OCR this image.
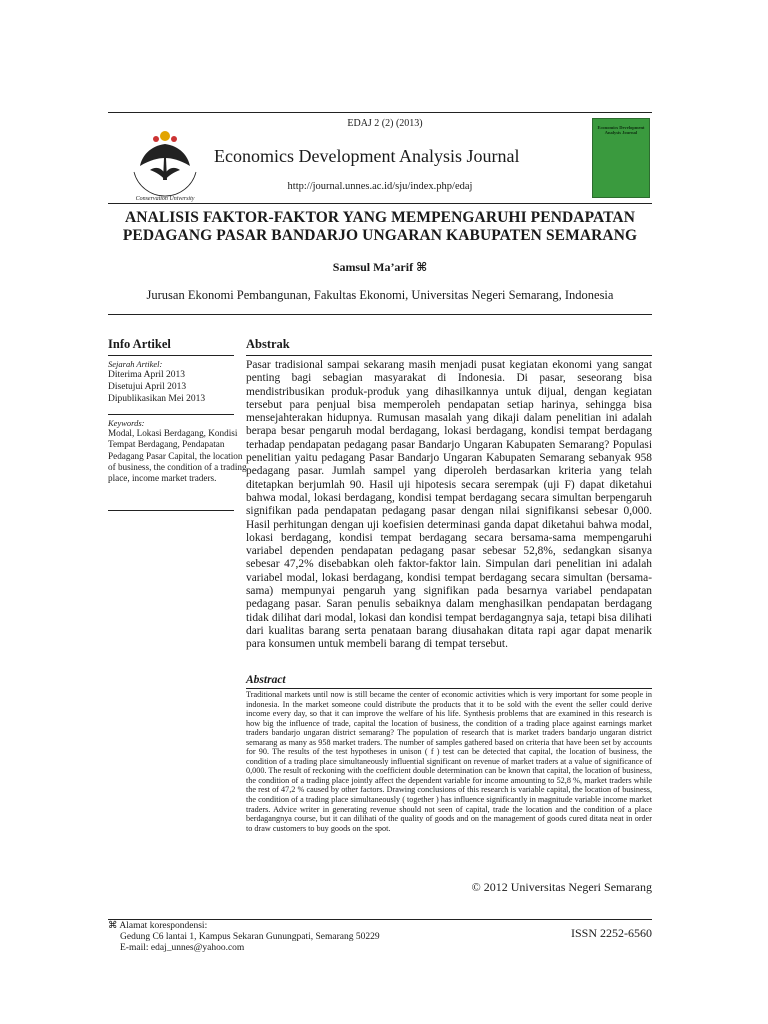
Conservation University
EDAJ 2 (2) (2013)
Economics Development Analysis Journal
http://journal.unnes.ac.id/sju/index.php/edaj
Economics Development Analysis Journal
ANALISIS FAKTOR-FAKTOR YANG MEMPENGARUHI PENDAPATAN
PEDAGANG PASAR BANDARJO UNGARAN KABUPATEN SEMARANG
Samsul Ma’arif ⌘
Jurusan Ekonomi Pembangunan, Fakultas Ekonomi, Universitas Negeri Semarang, Indonesia
Info Artikel
Sejarah Artikel:
Diterima April 2013
Disetujui April 2013
Dipublikasikan Mei 2013
Keywords:
Modal, Lokasi Berdagang, Kondisi Tempat Berdagang, Pendapatan Pedagang Pasar Capital, the location of business, the condition of a trading place, income market traders.
Abstrak
Pasar tradisional sampai sekarang masih menjadi pusat kegiatan ekonomi yang sangat penting bagi sebagian masyarakat di Indonesia. Di pasar, seseorang bisa mendistribusikan produk-produk yang dihasilkannya untuk dijual, dengan kegiatan tersebut para penjual bisa memperoleh pendapatan setiap harinya, sehingga bisa mensejahterakan hidupnya. Rumusan masalah yang dikaji dalam penelitian ini adalah berapa besar pengaruh modal berdagang, lokasi berdagang, kondisi tempat berdagang terhadap pendapatan pedagang pasar Bandarjo Ungaran Kabupaten Semarang? Populasi penelitian yaitu pedagang Pasar Bandarjo Ungaran Kabupaten Semarang sebanyak 958 pedagang pasar. Jumlah sampel yang diperoleh berdasarkan kriteria yang telah ditetapkan berjumlah 90. Hasil uji hipotesis secara serempak (uji F) dapat diketahui bahwa modal, lokasi berdagang, kondisi tempat berdagang secara simultan berpengaruh signifikan pada pendapatan pedagang pasar dengan nilai signifikansi sebesar 0,000. Hasil perhitungan dengan uji koefisien determinasi ganda dapat diketahui bahwa modal, lokasi berdagang, kondisi tempat berdagang secara bersama-sama mempengaruhi variabel dependen pendapatan pedagang pasar sebesar 52,8%, sedangkan sisanya sebesar 47,2% disebabkan oleh faktor-faktor lain. Simpulan dari penelitian ini adalah variabel modal, lokasi berdagang, kondisi tempat berdagang secara simultan (bersama-sama) mempunyai pengaruh yang signifikan pada besarnya variabel pendapatan pedagang pasar. Saran penulis sebaiknya dalam menghasilkan pendapatan berdagang tidak dilihat dari modal, lokasi dan kondisi tempat berdagangnya saja, tetapi bisa dilihati dari kualitas barang serta penataan barang diusahakan ditata rapi agar dapat menarik para konsumen untuk membeli barang di tempat tersebut.
Abstract
Traditional markets until now is still became the center of economic activities which is very important for some people in indonesia. In the market someone could distribute the products that it to be sold with the event the seller could derive income every day, so that it can improve the welfare of his life. Synthesis problems that are examined in this research is how big the influence of trade, capital the location of business, the condition of a trading place against earnings market traders bandarjo ungaran district semarang? The population of research that is market traders bandarjo ungaran district semarang as many as 958 market traders. The number of samples gathered based on criteria that have been set by accounts for 90. The results of the test hypotheses in unison ( f ) test can be detected that capital, the location of business, the condition of a trading place simultaneously influential significant on revenue of market traders at a value of significance of 0,000. The result of reckoning with the coefficient double determination can be known that capital, the location of business, the condition of a trading place jointly affect the dependent variable for income amounting to 52,8 %, market traders while the rest of 47,2 % caused by other factors. Drawing conclusions of this research is variable capital, the location of business, the condition of a trading place simultaneously ( together ) has influence significantly in magnitude variable income market traders. Advice writer in generating revenue should not seen of capital, trade the location and the condition of a place berdagangnya course, but it can dilihati of the quality of goods and on the management of goods cured ditata neat in order to draw customers to buy goods on the spot.
© 2012 Universitas Negeri Semarang
⌘ Alamat korespondensi:
Gedung C6 lantai 1, Kampus Sekaran Gunungpati, Semarang 50229
E-mail: edaj_unnes@yahoo.com
ISSN 2252-6560
